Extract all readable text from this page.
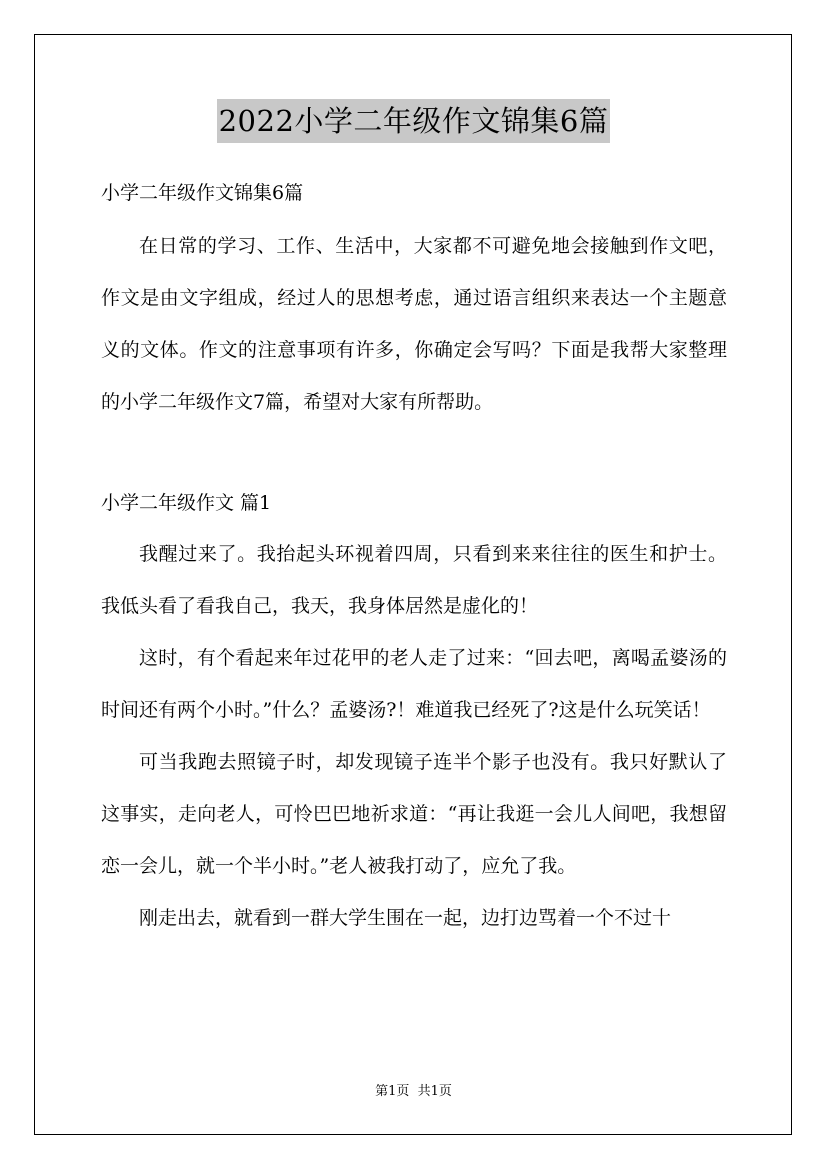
2022小学二年级作文锦集6篇

小学二年级作文锦集6篇

在日常的学习、工作、生活中，大家都不可避免地会接触到作文吧，作文是由文字组成，经过人的思想考虑，通过语言组织来表达一个主题意义的文体。作文的注意事项有许多，你确定会写吗？下面是我帮大家整理的小学二年级作文7篇，希望对大家有所帮助。

小学二年级作文 篇1

我醒过来了。我抬起头环视着四周，只看到来来往往的医生和护士。我低头看了看我自己，我天，我身体居然是虚化的！

这时，有个看起来年过花甲的老人走了过来：“回去吧，离喝孟婆汤的时间还有两个小时。”什么？孟婆汤?！难道我已经死了?这是什么玩笑话！

可当我跑去照镜子时，却发现镜子连半个影子也没有。我只好默认了这事实，走向老人，可怜巴巴地祈求道：“再让我逛一会儿人间吧，我想留恋一会儿，就一个半小时。”老人被我打动了，应允了我。

刚走出去，就看到一群大学生围在一起，边打边骂着一个不过十

第1页  共1页
